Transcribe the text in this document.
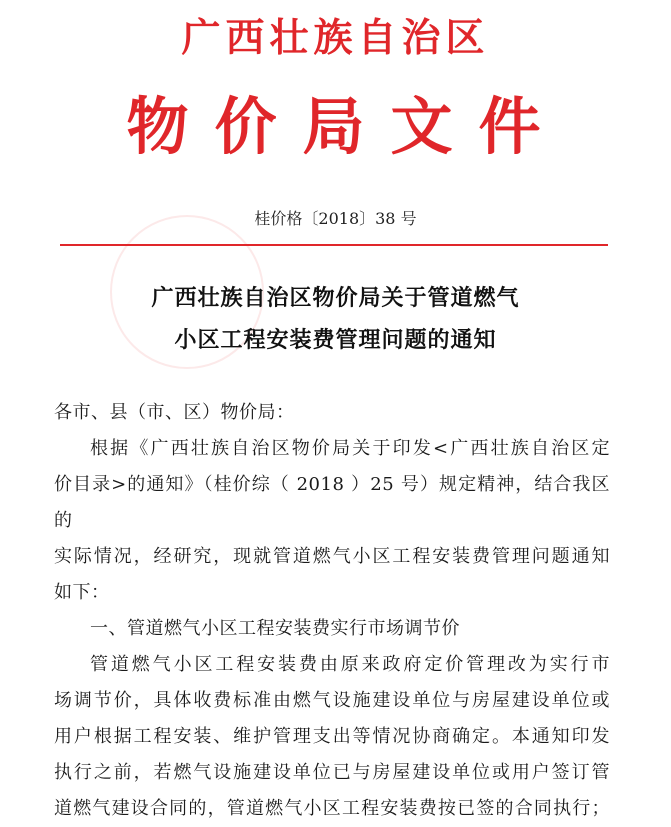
广西壮族自治区
物价局文件
桂价格〔2018〕38 号
广西壮族自治区物价局关于管道燃气
小区工程安装费管理问题的通知

各市、县（市、区）物价局：

根据《广西壮族自治区物价局关于印发<广西壮族自治区定

价目录>的通知》（桂价综（ 2018 ）25 号）规定精神，结合我区的

实际情况，经研究，现就管道燃气小区工程安装费管理问题通知

如下：

一、管道燃气小区工程安装费实行市场调节价

管道燃气小区工程安装费由原来政府定价管理改为实行市

场调节价，具体收费标准由燃气设施建设单位与房屋建设单位或

用户根据工程安装、维护管理支出等情况协商确定。本通知印发

执行之前，若燃气设施建设单位已与房屋建设单位或用户签订管

道燃气建设合同的，管道燃气小区工程安装费按已签的合同执行；
